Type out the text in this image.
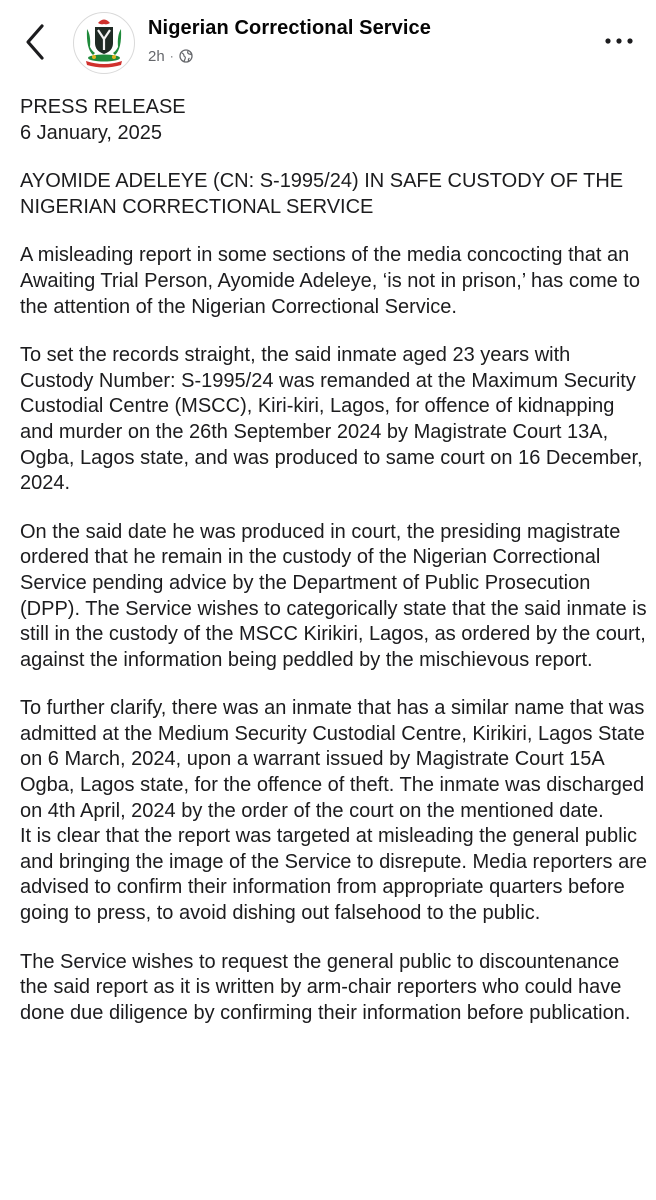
Nigerian Correctional Service
2h ·

PRESS RELEASE
6 January, 2025

AYOMIDE ADELEYE (CN: S-1995/24) IN SAFE CUSTODY OF THE NIGERIAN CORRECTIONAL SERVICE

A misleading report in some sections of the media concocting that an Awaiting Trial Person, Ayomide Adeleye, ‘is not in prison,’ has come to the attention of the Nigerian Correctional Service.

To set the records straight, the said inmate aged 23 years with Custody Number: S-1995/24 was remanded at the Maximum Security Custodial Centre (MSCC), Kiri-kiri, Lagos, for offence of kidnapping and murder on the 26th September 2024 by Magistrate Court 13A, Ogba, Lagos state, and was produced to same court on 16 December, 2024.

On the said date he was produced in court, the presiding magistrate ordered that he remain in the custody of the Nigerian Correctional Service pending advice by the Department of Public Prosecution (DPP). The Service wishes to categorically state that the said inmate is still in the custody of the MSCC Kirikiri, Lagos, as ordered by the court, against the information being peddled by the mischievous report.

To further clarify, there was an inmate that has a similar name that was admitted at the Medium Security Custodial Centre, Kirikiri, Lagos State on 6 March, 2024, upon a warrant issued by Magistrate Court 15A Ogba, Lagos state, for the offence of theft. The inmate was discharged on 4th April, 2024 by the order of the court on the mentioned date.

It is clear that the report was targeted at misleading the general public and bringing the image of the Service to disrepute. Media reporters are advised to confirm their information from appropriate quarters before going to press, to avoid dishing out falsehood to the public.

The Service wishes to request the general public to discountenance the said report as it is written by arm-chair reporters who could have done due diligence by confirming their information before publication.
